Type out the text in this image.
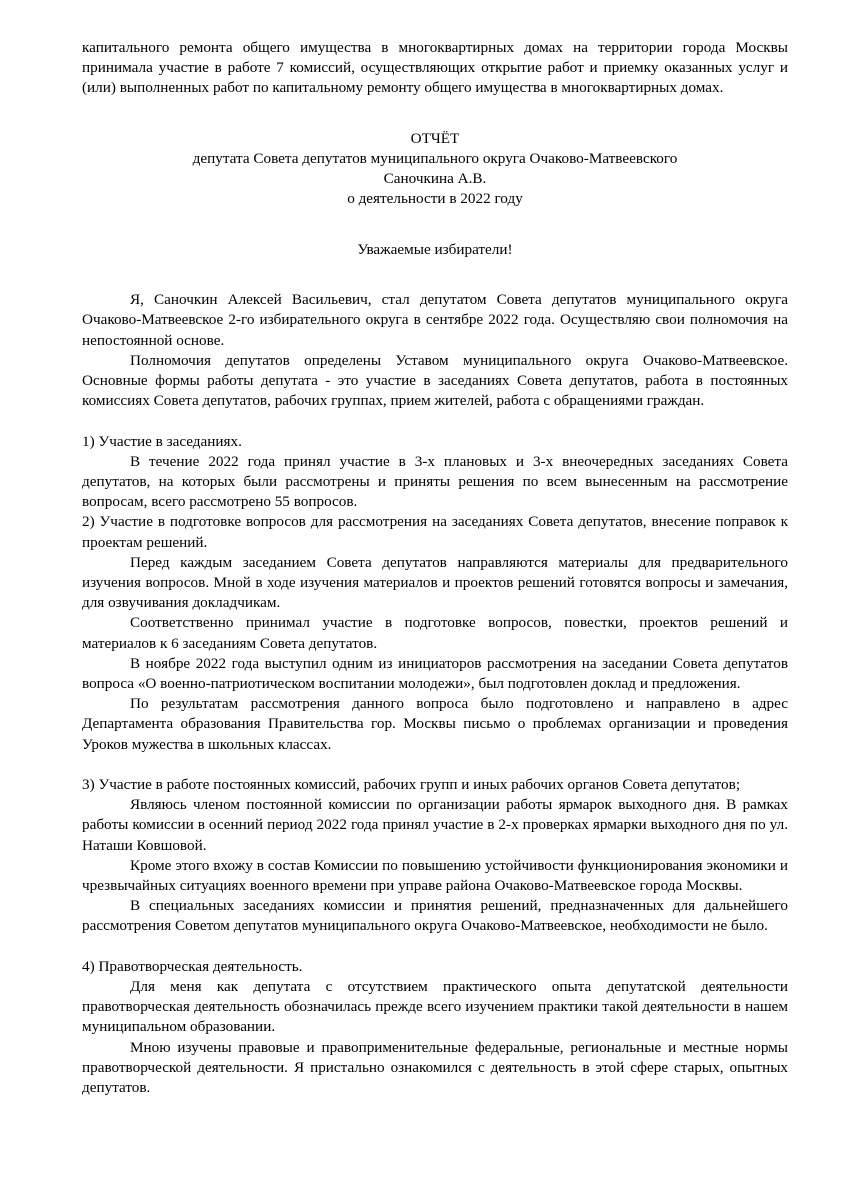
капитального ремонта общего имущества в многоквартирных домах на территории города Москвы принимала участие в работе 7 комиссий, осуществляющих открытие работ и приемку оказанных услуг и (или) выполненных работ по капитальному ремонту общего имущества в многоквартирных домах.

ОТЧЁТ

депутата Совета депутатов муниципального округа Очаково-Матвеевского

Саночкина А.В.

о деятельности в 2022 году

Уважаемые избиратели!

Я, Саночкин Алексей Васильевич, стал депутатом Совета депутатов муниципального округа Очаково-Матвеевское 2-го избирательного округа в сентябре 2022 года. Осуществляю свои полномочия на непостоянной основе.

Полномочия депутатов определены Уставом муниципального округа Очаково-Матвеевское. Основные формы работы депутата - это участие в заседаниях Совета депутатов, работа в постоянных комиссиях Совета депутатов, рабочих группах, прием жителей, работа с обращениями граждан.

1) Участие в заседаниях.

В течение 2022 года принял участие в 3-х плановых и 3-х внеочередных заседаниях Совета депутатов, на которых были рассмотрены и приняты решения по всем вынесенным на рассмотрение вопросам, всего рассмотрено 55 вопросов.

2) Участие в подготовке вопросов для рассмотрения на заседаниях Совета депутатов, внесение поправок к проектам решений.

Перед каждым заседанием Совета депутатов направляются материалы для предварительного изучения вопросов. Мной в ходе изучения материалов и проектов решений готовятся вопросы и замечания, для озвучивания докладчикам.

Соответственно принимал участие в подготовке вопросов, повестки, проектов решений и материалов к 6 заседаниям Совета депутатов.

В ноябре 2022 года выступил одним из инициаторов рассмотрения на заседании Совета депутатов вопроса «О военно-патриотическом воспитании молодежи», был подготовлен доклад и предложения.

По результатам рассмотрения данного вопроса было подготовлено и направлено в адрес Департамента образования Правительства гор. Москвы письмо о проблемах организации и проведения Уроков мужества в школьных классах.

3) Участие в работе постоянных комиссий, рабочих групп и иных рабочих органов Совета депутатов;

Являюсь членом постоянной комиссии по организации работы ярмарок выходного дня. В рамках работы комиссии в осенний период 2022 года принял участие в 2-х проверках ярмарки выходного дня по ул. Наташи Ковшовой.

Кроме этого вхожу в состав Комиссии по повышению устойчивости функционирования экономики и чрезвычайных ситуациях военного времени при управе района Очаково-Матвеевское города Москвы.

В специальных заседаниях комиссии и принятия решений, предназначенных для дальнейшего рассмотрения Советом депутатов муниципального округа Очаково-Матвеевское, необходимости не было.

4) Правотворческая деятельность.

Для меня как депутата с отсутствием практического опыта депутатской деятельности правотворческая деятельность обозначилась прежде всего изучением практики такой деятельности в нашем муниципальном образовании.

Мною изучены правовые и правоприменительные федеральные, региональные и местные нормы правотворческой деятельности. Я пристально ознакомился с деятельность в этой сфере старых, опытных депутатов.
